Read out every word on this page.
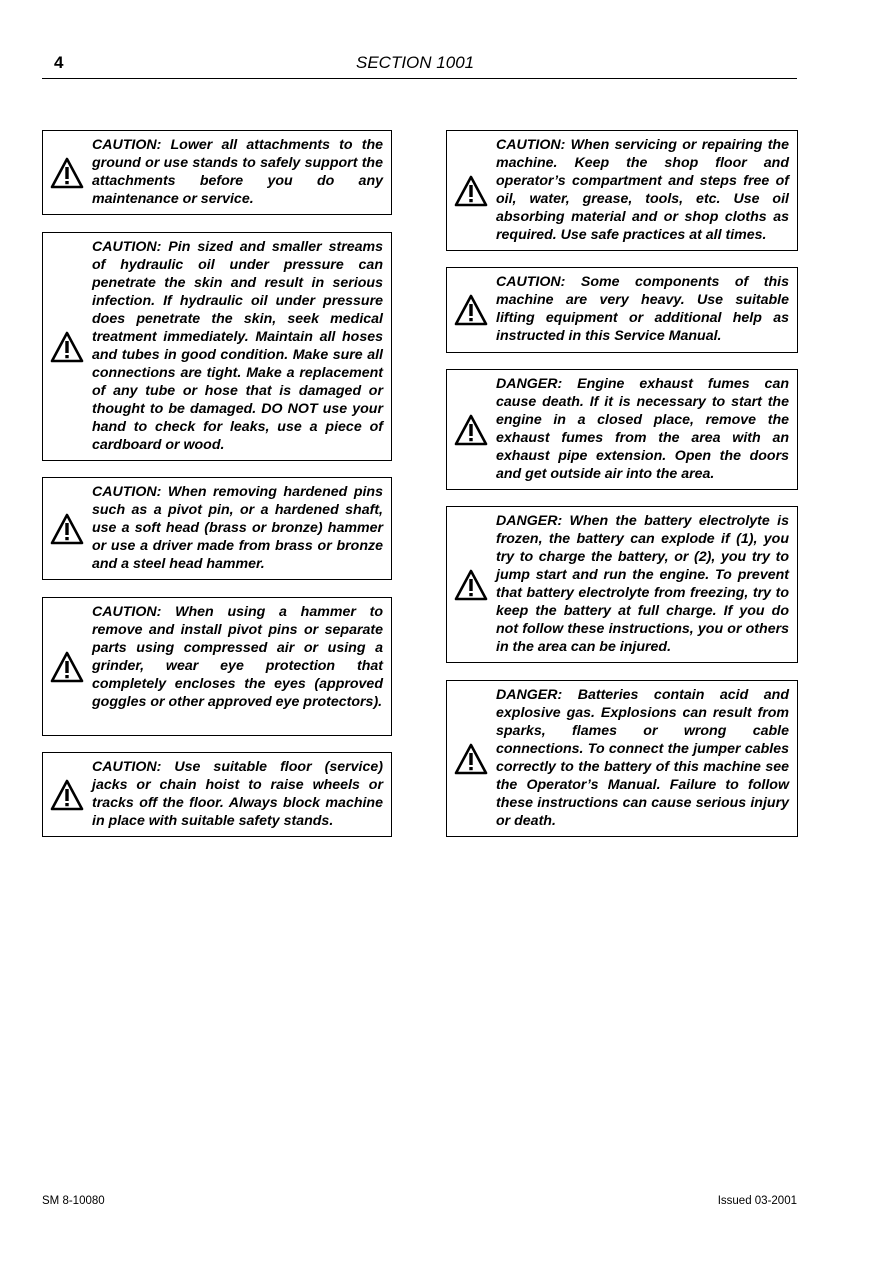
4	SECTION 1001
CAUTION: Lower all attachments to the ground or use stands to safely support the attachments before you do any maintenance or service.
CAUTION: Pin sized and smaller streams of hydraulic oil under pressure can penetrate the skin and result in serious infection. If hydraulic oil under pressure does penetrate the skin, seek medical treatment immediately. Maintain all hoses and tubes in good condition. Make sure all connections are tight. Make a replacement of any tube or hose that is damaged or thought to be damaged. DO NOT use your hand to check for leaks, use a piece of cardboard or wood.
CAUTION: When removing hardened pins such as a pivot pin, or a hardened shaft, use a soft head (brass or bronze) hammer or use a driver made from brass or bronze and a steel head hammer.
CAUTION: When using a hammer to remove and install pivot pins or separate parts using compressed air or using a grinder, wear eye protection that completely encloses the eyes (approved goggles or other approved eye protectors).
CAUTION: Use suitable floor (service) jacks or chain hoist to raise wheels or tracks off the floor. Always block machine in place with suitable safety stands.
CAUTION: When servicing or repairing the machine. Keep the shop floor and operator’s compartment and steps free of oil, water, grease, tools, etc. Use oil absorbing material and or shop cloths as required. Use safe practices at all times.
CAUTION: Some components of this machine are very heavy. Use suitable lifting equipment or additional help as instructed in this Service Manual.
DANGER: Engine exhaust fumes can cause death. If it is necessary to start the engine in a closed place, remove the exhaust fumes from the area with an exhaust pipe extension. Open the doors and get outside air into the area.
DANGER: When the battery electrolyte is frozen, the battery can explode if (1), you try to charge the battery, or (2), you try to jump start and run the engine. To prevent that battery electrolyte from freezing, try to keep the battery at full charge. If you do not follow these instructions, you or others in the area can be injured.
DANGER: Batteries contain acid and explosive gas. Explosions can result from sparks, flames or wrong cable connections. To connect the jumper cables correctly to the battery of this machine see the Operator’s Manual. Failure to follow these instructions can cause serious injury or death.
SM 8-10080	Issued 03-2001
